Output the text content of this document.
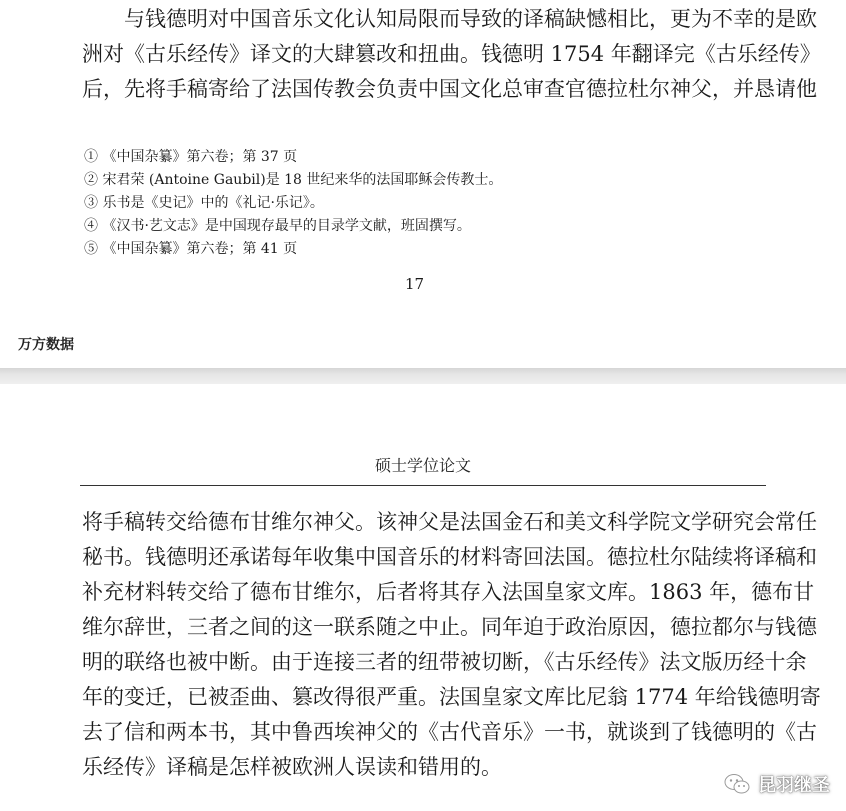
与钱德明对中国音乐文化认知局限而导致的译稿缺憾相比，更为不幸的是欧
洲对《古乐经传》译文的大肆篡改和扭曲。钱德明 1754 年翻译完《古乐经传》
后，先将手稿寄给了法国传教会负责中国文化总审查官德拉杜尔神父，并恳请他
① 《中国杂纂》第六卷；第 37 页
② 宋君荣 (Antoine Gaubil)是 18 世纪来华的法国耶稣会传教士。
③ 乐书是《史记》中的《礼记·乐记》。
④ 《汉书·艺文志》是中国现存最早的目录学文献，班固撰写。
⑤ 《中国杂纂》第六卷；第 41 页
17
万方数据
硕士学位论文
将手稿转交给德布甘维尔神父。该神父是法国金石和美文科学院文学研究会常任
秘书。钱德明还承诺每年收集中国音乐的材料寄回法国。德拉杜尔陆续将译稿和
补充材料转交给了德布甘维尔，后者将其存入法国皇家文库。1863 年，德布甘
维尔辞世，三者之间的这一联系随之中止。同年迫于政治原因，德拉都尔与钱德
明的联络也被中断。由于连接三者的纽带被切断，《古乐经传》法文版历经十余
年的变迁，已被歪曲、篡改得很严重。法国皇家文库比尼翁 1774 年给钱德明寄
去了信和两本书，其中鲁西埃神父的《古代音乐》一书，就谈到了钱德明的《古
乐经传》译稿是怎样被欧洲人误读和错用的。
昆羽继圣
